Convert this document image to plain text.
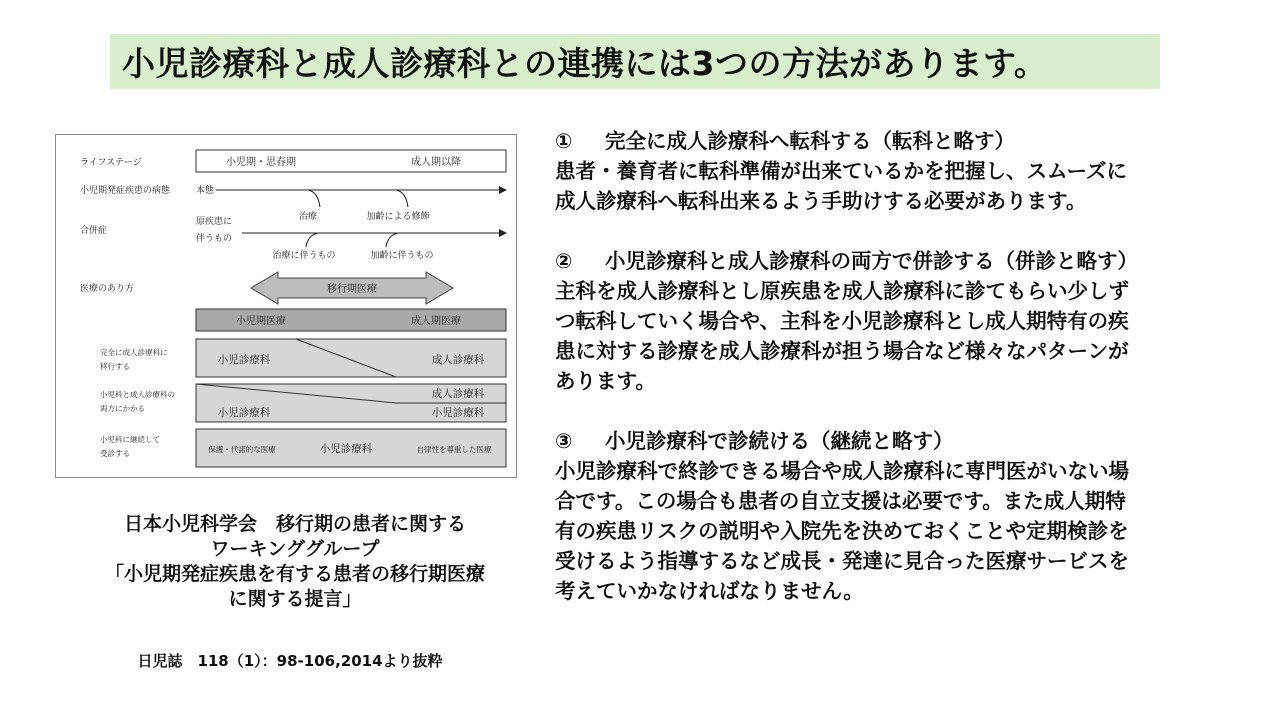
小児診療科と成人診療科との連携には3つの方法があります。
ライフステージ
小児期発症疾患の病態
合併症
医療のあり方
小児期・思春期	成人期以降
本態
治療	加齢による修飾
原疾患に
伴うもの
治療に伴うもの	加齢に伴うもの
移行期医療
小児期医療	成人期医療
完全に成人診療科に
移行する
小児診療科	成人診療科
小児科と成人診療科の
両方にかかる
成人診療科
小児診療科	小児診療科
小児科に継続して
受診する	保護・代諾的な医療	小児診療科	自律性を尊重した医療
日本小児科学会　移行期の患者に関する
ワーキンググループ
「小児期発症疾患を有する患者の移行期医療
に関する提言」
日児誌　118（1）：98-106,2014より抜粋
① 完全に成人診療科へ転科する（転科と略す）
患者・養育者に転科準備が出来ているかを把握し、スムーズに
成人診療科へ転科出来るよう手助けする必要があります。
② 小児診療科と成人診療科の両方で併診する（併診と略す）
主科を成人診療科とし原疾患を成人診療科に診てもらい少しず
つ転科していく場合や、主科を小児診療科とし成人期特有の疾
患に対する診療を成人診療科が担う場合など様々なパターンが
あります。
③ 小児診療科で診続ける（継続と略す）
小児診療科で終診できる場合や成人診療科に専門医がいない場
合です。この場合も患者の自立支援は必要です。また成人期特
有の疾患リスクの説明や入院先を決めておくことや定期検診を
受けるよう指導するなど成長・発達に見合った医療サービスを
考えていかなければなりません。
